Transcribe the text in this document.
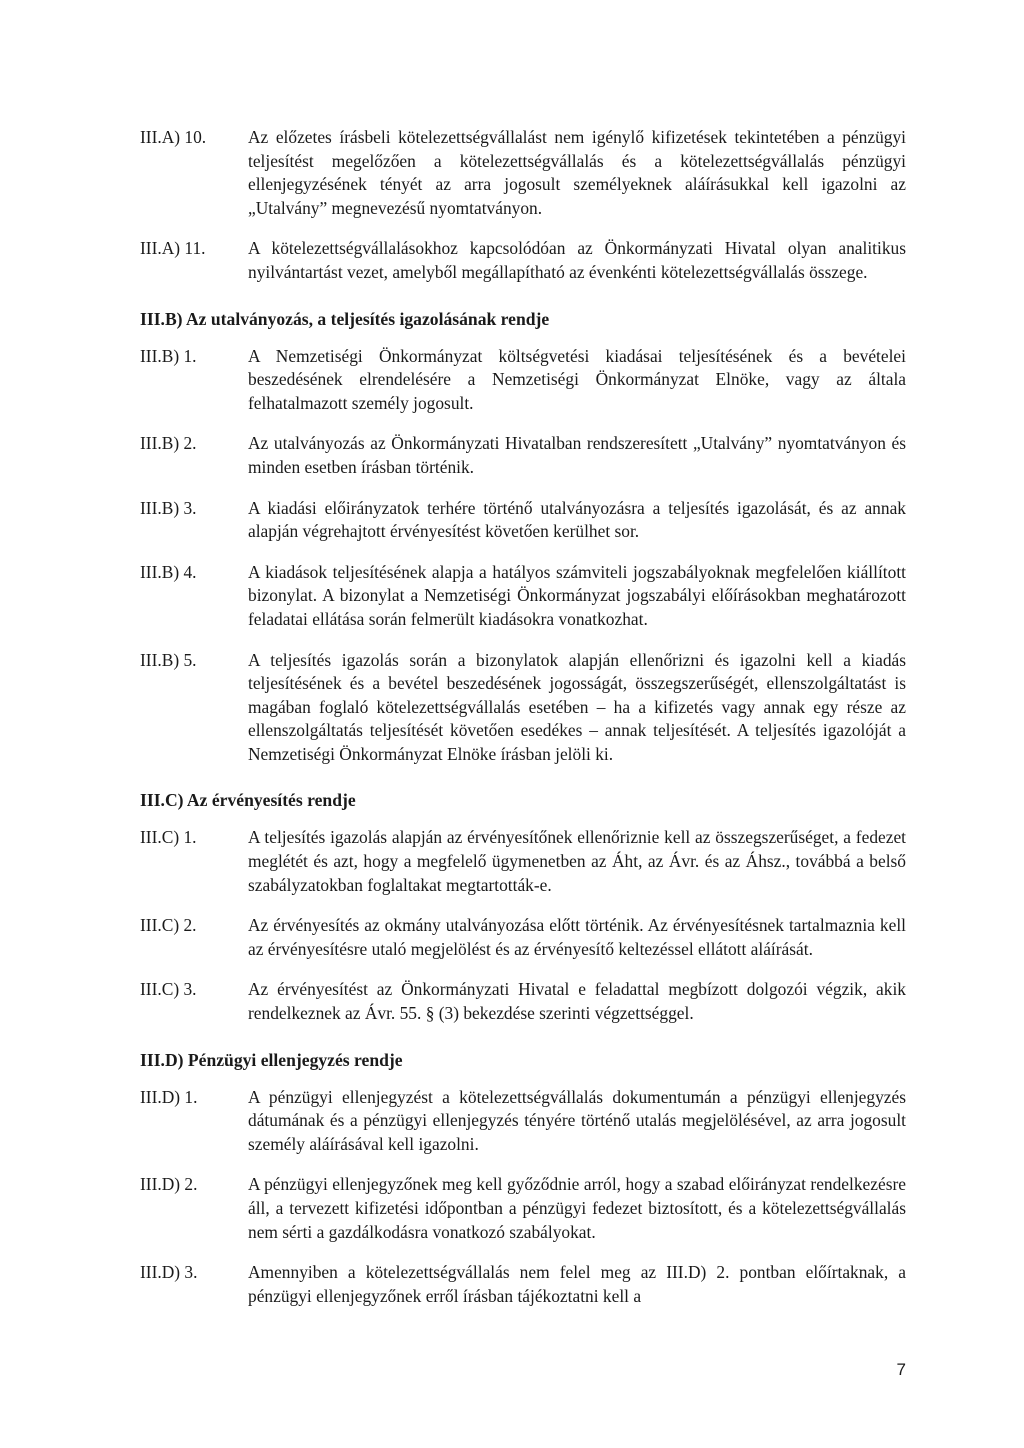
III.A) 10.	Az előzetes írásbeli kötelezettségvállalást nem igénylő kifizetések tekintetében a pénzügyi teljesítést megelőzően a kötelezettségvállalás és a kötelezettségvállalás pénzügyi ellenjegyzésének tényét az arra jogosult személyeknek aláírásukkal kell igazolni az „Utalvány” megnevezésű nyomtatványon.
III.A) 11.	A kötelezettségvállalásokhoz kapcsolódóan az Önkormányzati Hivatal olyan analitikus nyilvántartást vezet, amelyből megállapítható az évenkénti kötelezettségvállalás összege.
III.B) Az utalványozás, a teljesítés igazolásának rendje
III.B) 1.	A Nemzetiségi Önkormányzat költségvetési kiadásai teljesítésének és a bevételei beszedésének elrendelésére a Nemzetiségi Önkormányzat Elnöke, vagy az általa felhatalmazott személy jogosult.
III.B) 2.	Az utalványozás az Önkormányzati Hivatalban rendszeresített „Utalvány” nyomtatványon és minden esetben írásban történik.
III.B) 3.	A kiadási előirányzatok terhére történő utalványozásra a teljesítés igazolását, és az annak alapján végrehajtott érvényesítést követően kerülhet sor.
III.B) 4.	A kiadások teljesítésének alapja a hatályos számviteli jogszabályoknak megfelelően kiállított bizonylat. A bizonylat a Nemzetiségi Önkormányzat jogszabályi előírásokban meghatározott feladatai ellátása során felmerült kiadásokra vonatkozhat.
III.B) 5.	A teljesítés igazolás során a bizonylatok alapján ellenőrizni és igazolni kell a kiadás teljesítésének és a bevétel beszedésének jogosságát, összegszerűségét, ellenszolgáltatást is magában foglaló kötelezettségvállalás esetében – ha a kifizetés vagy annak egy része az ellenszolgáltatás teljesítését követően esedékes – annak teljesítését. A teljesítés igazolóját a Nemzetiségi Önkormányzat Elnöke írásban jelöli ki.
III.C) Az érvényesítés rendje
III.C) 1.	A teljesítés igazolás alapján az érvényesítőnek ellenőriznie kell az összegszerűséget, a fedezet meglétét és azt, hogy a megfelelő ügymenetben az Áht, az Ávr. és az Áhsz., továbbá a belső szabályzatokban foglaltakat megtartották-e.
III.C) 2.	Az érvényesítés az okmány utalványozása előtt történik. Az érvényesítésnek tartalmaznia kell az érvényesítésre utaló megjelölést és az érvényesítő keltezéssel ellátott aláírását.
III.C) 3.	Az érvényesítést az Önkormányzati Hivatal e feladattal megbízott dolgozói végzik, akik rendelkeznek az Ávr. 55. § (3) bekezdése szerinti végzettséggel.
III.D) Pénzügyi ellenjegyzés rendje
III.D) 1.	A pénzügyi ellenjegyzést a kötelezettségvállalás dokumentumán a pénzügyi ellenjegyzés dátumának és a pénzügyi ellenjegyzés tényére történő utalás megjelölésével, az arra jogosult személy aláírásával kell igazolni.
III.D) 2.	A pénzügyi ellenjegyzőnek meg kell győződnie arról, hogy a szabad előirányzat rendelkezésre áll, a tervezett kifizetési időpontban a pénzügyi fedezet biztosított, és a kötelezettségvállalás nem sérti a gazdálkodásra vonatkozó szabályokat.
III.D) 3.	Amennyiben a kötelezettségvállalás nem felel meg az III.D) 2. pontban előírtaknak, a pénzügyi ellenjegyzőnek erről írásban tájékoztatni kell a
7
